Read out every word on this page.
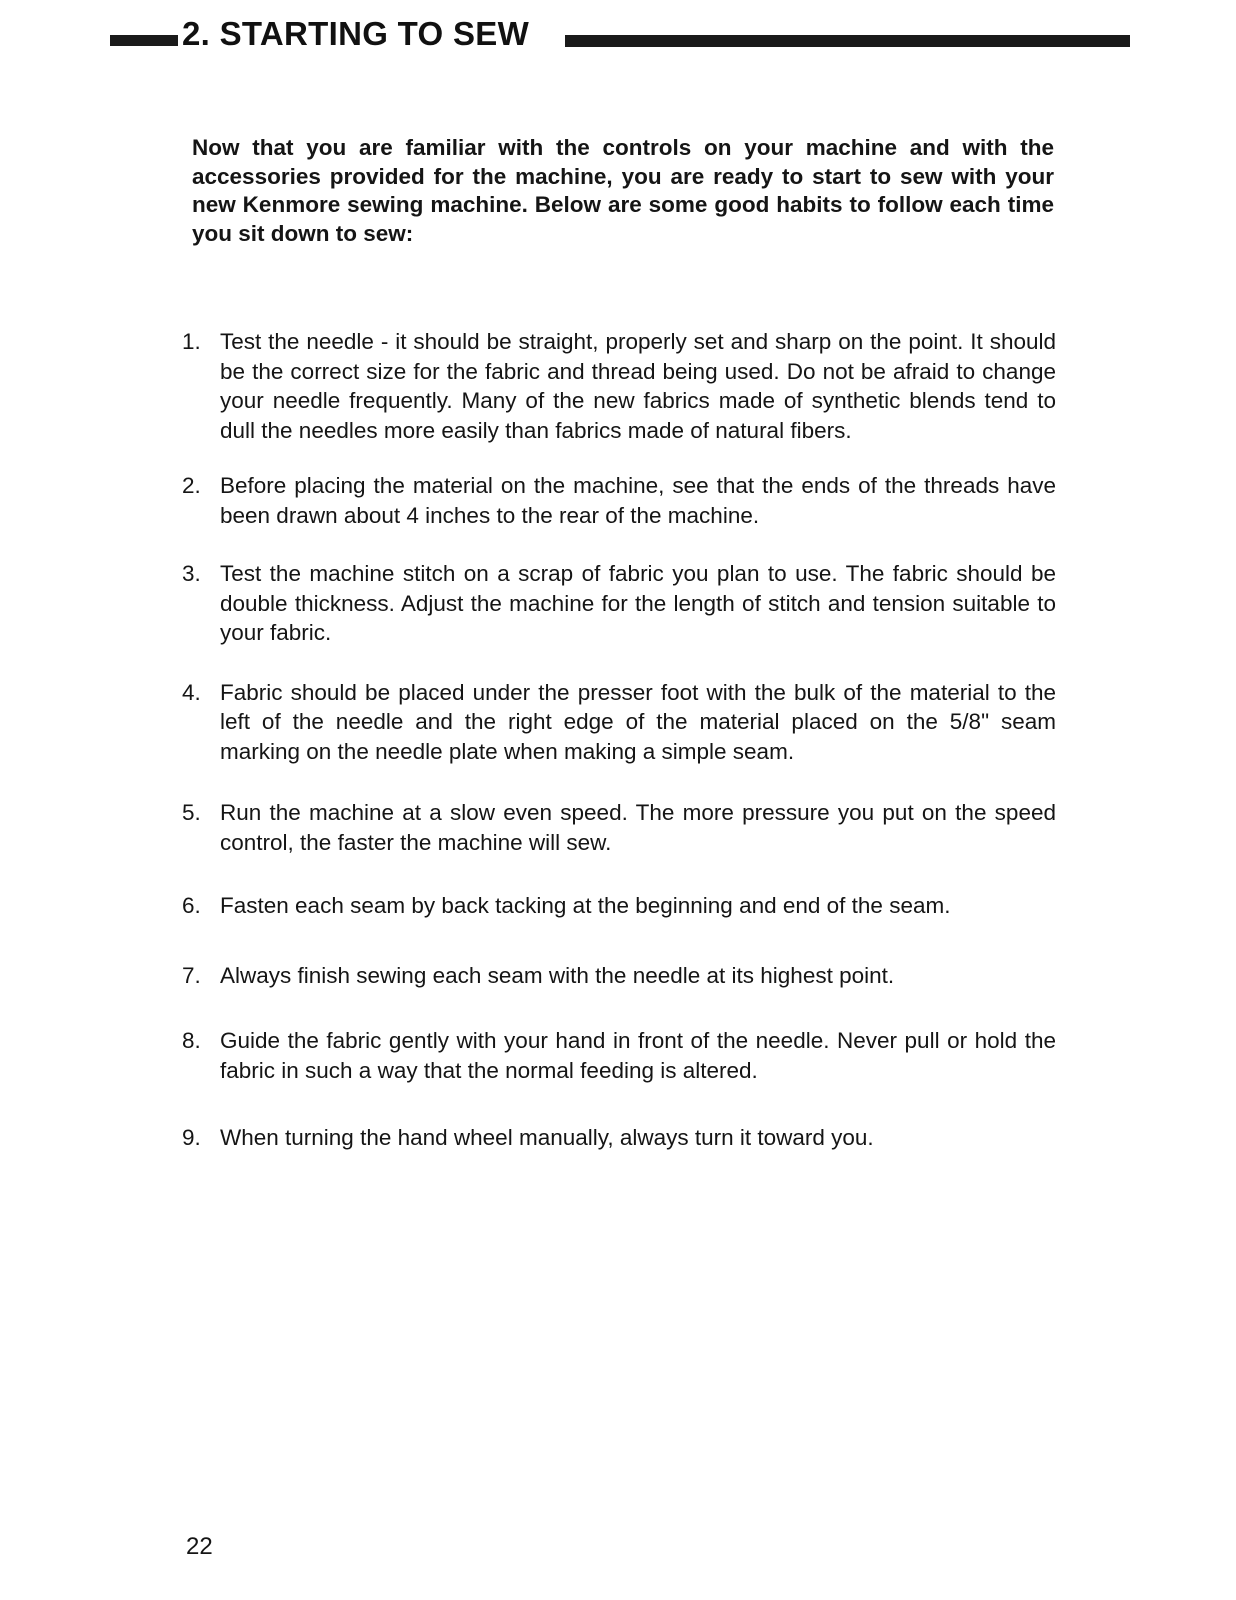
2. STARTING TO SEW

Now that you are familiar with the controls on your machine and with the accessories provided for the machine, you are ready to start to sew with your new Kenmore sewing machine. Below are some good habits to follow each time you sit down to sew:

1. Test the needle - it should be straight, properly set and sharp on the point. It should be the correct size for the fabric and thread being used. Do not be afraid to change your needle frequently. Many of the new fabrics made of synthetic blends tend to dull the needles more easily than fabrics made of natural fibers.
2. Before placing the material on the machine, see that the ends of the threads have been drawn about 4 inches to the rear of the machine.
3. Test the machine stitch on a scrap of fabric you plan to use. The fabric should be double thickness. Adjust the machine for the length of stitch and tension suitable to your fabric.
4. Fabric should be placed under the presser foot with the bulk of the material to the left of the needle and the right edge of the material placed on the 5/8" seam marking on the needle plate when making a simple seam.
5. Run the machine at a slow even speed. The more pressure you put on the speed control, the faster the machine will sew.
6. Fasten each seam by back tacking at the beginning and end of the seam.
7. Always finish sewing each seam with the needle at its highest point.
8. Guide the fabric gently with your hand in front of the needle. Never pull or hold the fabric in such a way that the normal feeding is altered.
9. When turning the hand wheel manually, always turn it toward you.
22
